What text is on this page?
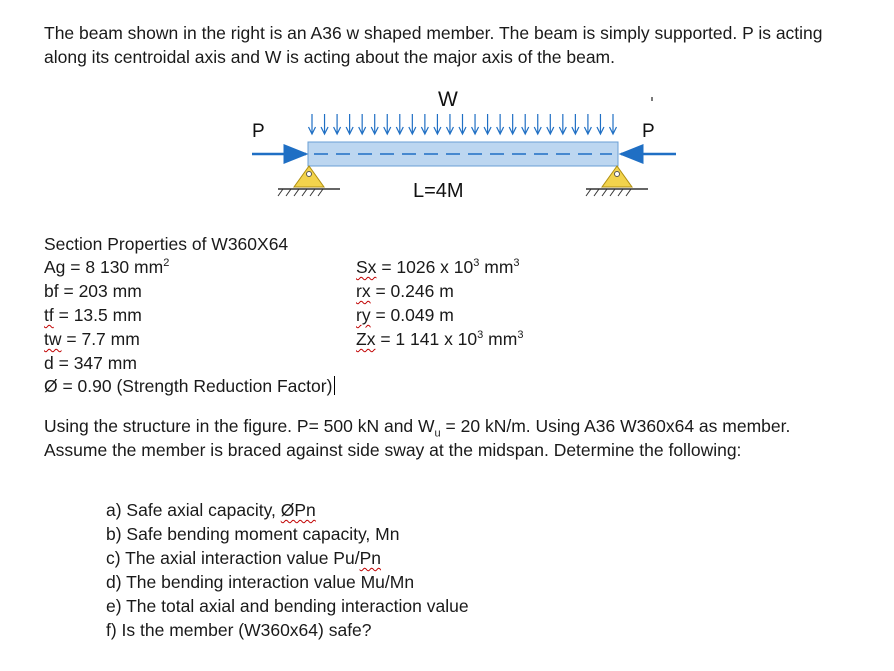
The beam shown in the right is an A36 w shaped member. The beam is simply supported. P is acting along its centroidal axis and W is acting about the major axis of the beam.
W
P	P
L=4M
Section Properties of W360X64
Ag = 8 130 $mm^2$
bf = 203 mm
tf = 13.5 mm
tw = 7.7 mm
d = 347 mm
Sx = 1026 x $10^3$ $mm^3$
rx = 0.246 m
ry = 0.049 m
Zx = 1 141 x $10^3$ $mm^3$
Ø = 0.90 (Strength Reduction Factor)
Using the structure in the figure. P= 500 kN and $W_u = 20$ kN/m. Using A36 W360x64 as member. Assume the member is braced against side sway at the midspan. Determine the following:
a) Safe axial capacity, ØPn
b) Safe bending moment capacity, Mn
c) The axial interaction value Pu/Pn
d) The bending interaction value Mu/Mn
e) The total axial and bending interaction value
f) Is the member (W360x64) safe?
